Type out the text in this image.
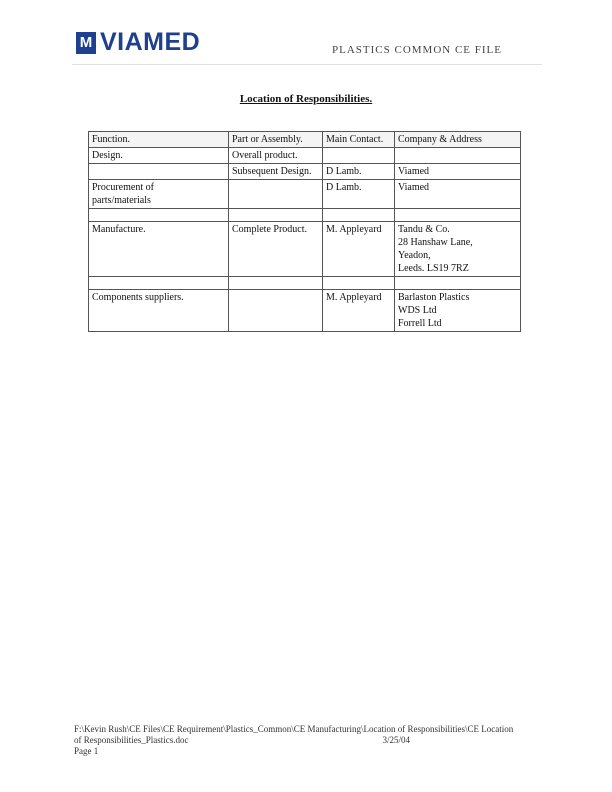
M VIAMED	PLASTICS COMMON CE FILE
Location of Responsibilities.
Function.	Part or Assembly.	Main Contact.	Company & Address

Design.	Overall product.		

	Subsequent Design.	D Lamb.	Viamed

Procurement of
parts/materials		D Lamb.	Viamed

Manufacture.	Complete Product.	M. Appleyard	Tandu & Co.
28 Hanshaw Lane,
Yeadon,
Leeds. LS19 7RZ

Components suppliers.		M. Appleyard	Barlaston Plastics
WDS Ltd
Forrell Ltd
F:\Kevin Rush\CE Files\CE Requirement\Plastics_Common\CE Manufacturing\Location of Responsibilities\CE Location
of Responsibilities_Plastics.doc	3/25/04
Page 1
